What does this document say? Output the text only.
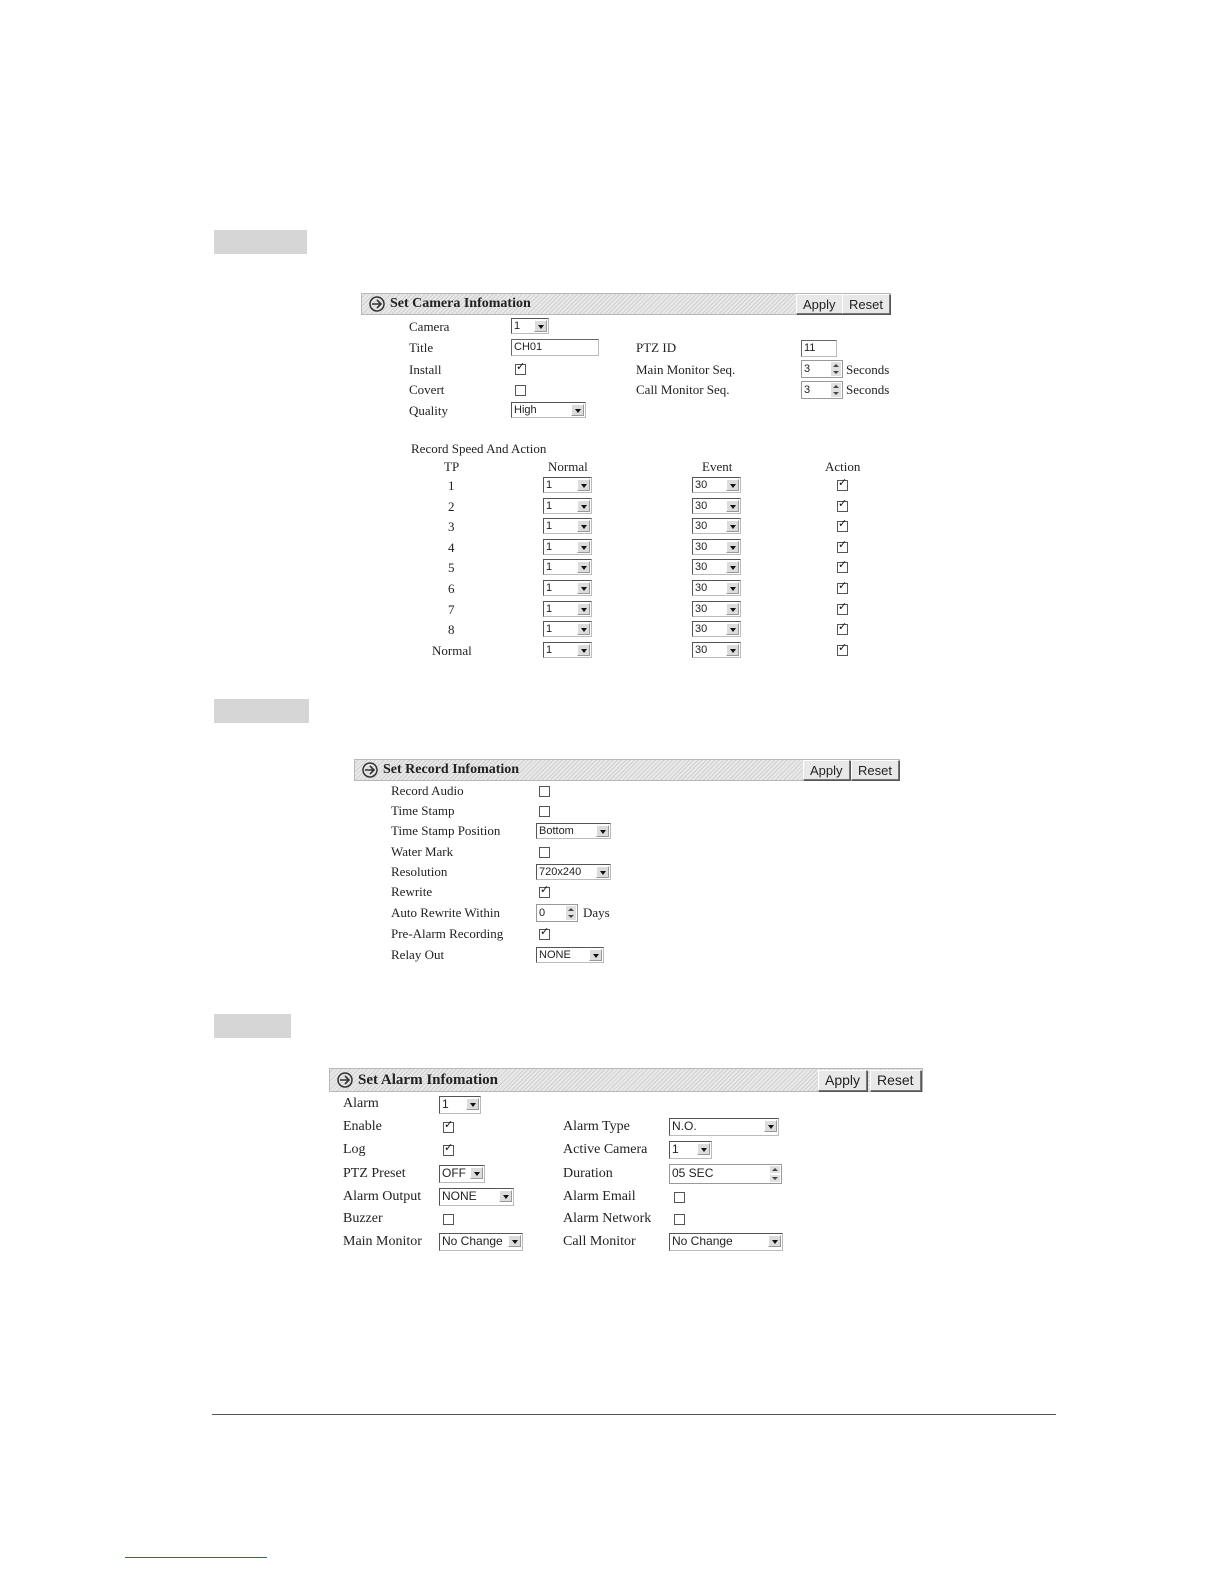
Set Camera Infomation	Apply	Reset
Camera	1
Title	CH01
Install	✓
Covert
Quality	High
PTZ ID	11
Main Monitor Seq.	3	Seconds
Call Monitor Seq.	3	Seconds
Record Speed And Action
TP	Normal	Event	Action
1	1	30	✓
2	1	30	✓
3	1	30	✓
4	1	30	✓
5	1	30	✓
6	1	30	✓
7	1	30	✓
8	1	30	✓
Normal	1	30	✓
Set Record Infomation	Apply	Reset
Record Audio
Time Stamp
Time Stamp Position	Bottom
Water Mark
Resolution	720x240
Rewrite	✓
Auto Rewrite Within	0	Days
Pre-Alarm Recording	✓
Relay Out	NONE
Set Alarm Infomation	Apply	Reset
Alarm	1
Enable	✓
Log	✓
PTZ Preset	OFF
Alarm Output NONE
Buzzer
Main Monitor No Change
Alarm Type	N.O.
Active Camera 1
Duration	05 SEC
Alarm Email
Alarm Network
Call Monitor	No Change
